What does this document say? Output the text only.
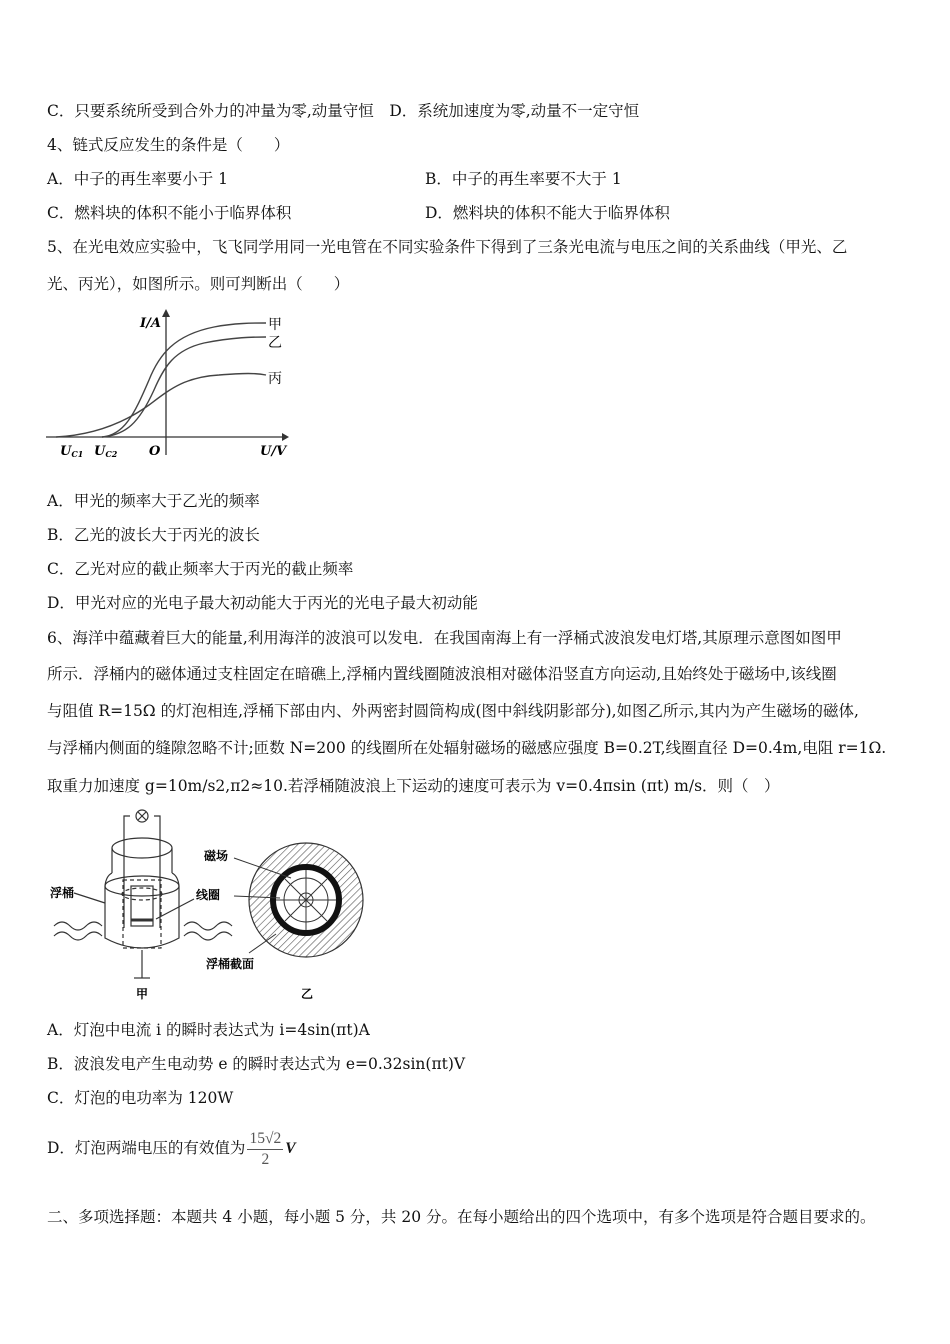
C．只要系统所受到合外力的冲量为零,动量守恒　 D．系统加速度为零,动量不一定守恒
4、链式反应发生的条件是（　　）
A．中子的再生率要小于 1	B．中子的再生率要不大于 1
C．燃料块的体积不能小于临界体积	D．燃料块的体积不能大于临界体积
5、在光电效应实验中，飞飞同学用同一光电管在不同实验条件下得到了三条光电流与电压之间的关系曲线（甲光、乙
光、丙光），如图所示。则可判断出（　　）
I/A
U/V
O
UC1 UC2
甲
乙
丙
A．甲光的频率大于乙光的频率
B．乙光的波长大于丙光的波长
C．乙光对应的截止频率大于丙光的截止频率
D．甲光对应的光电子最大初动能大于丙光的光电子最大初动能
6、海洋中蕴藏着巨大的能量,利用海洋的波浪可以发电．在我国南海上有一浮桶式波浪发电灯塔,其原理示意图如图甲
所示．浮桶内的磁体通过支柱固定在暗礁上,浮桶内置线圈随波浪相对磁体沿竖直方向运动,且始终处于磁场中,该线圈
与阻值 R=15Ω 的灯泡相连,浮桶下部由内、外两密封圆筒构成(图中斜线阴影部分),如图乙所示,其内为产生磁场的磁体,
与浮桶内侧面的缝隙忽略不计;匝数 N=200 的线圈所在处辐射磁场的磁感应强度 B=0.2T,线圈直径 D=0.4m,电阻 r=1Ω.
取重力加速度 g=10m/s2,π2≈10.若浮桶随波浪上下运动的速度可表示为 v=0.4πsin (πt) m/s．则（　）
浮桶	线圈
甲
磁场
浮桶截面
乙
A．灯泡中电流 i 的瞬时表达式为 i=4sin(πt)A
B．波浪发电产生电动势 e 的瞬时表达式为 e=0.32sin(πt)V
C．灯泡的电功率为 120W
D．灯泡两端电压的有效值为 $\frac{15√2}{2}$ V
二、多项选择题：本题共 4 小题，每小题 5 分，共 20 分。在每小题给出的四个选项中，有多个选项是符合题目要求的。
